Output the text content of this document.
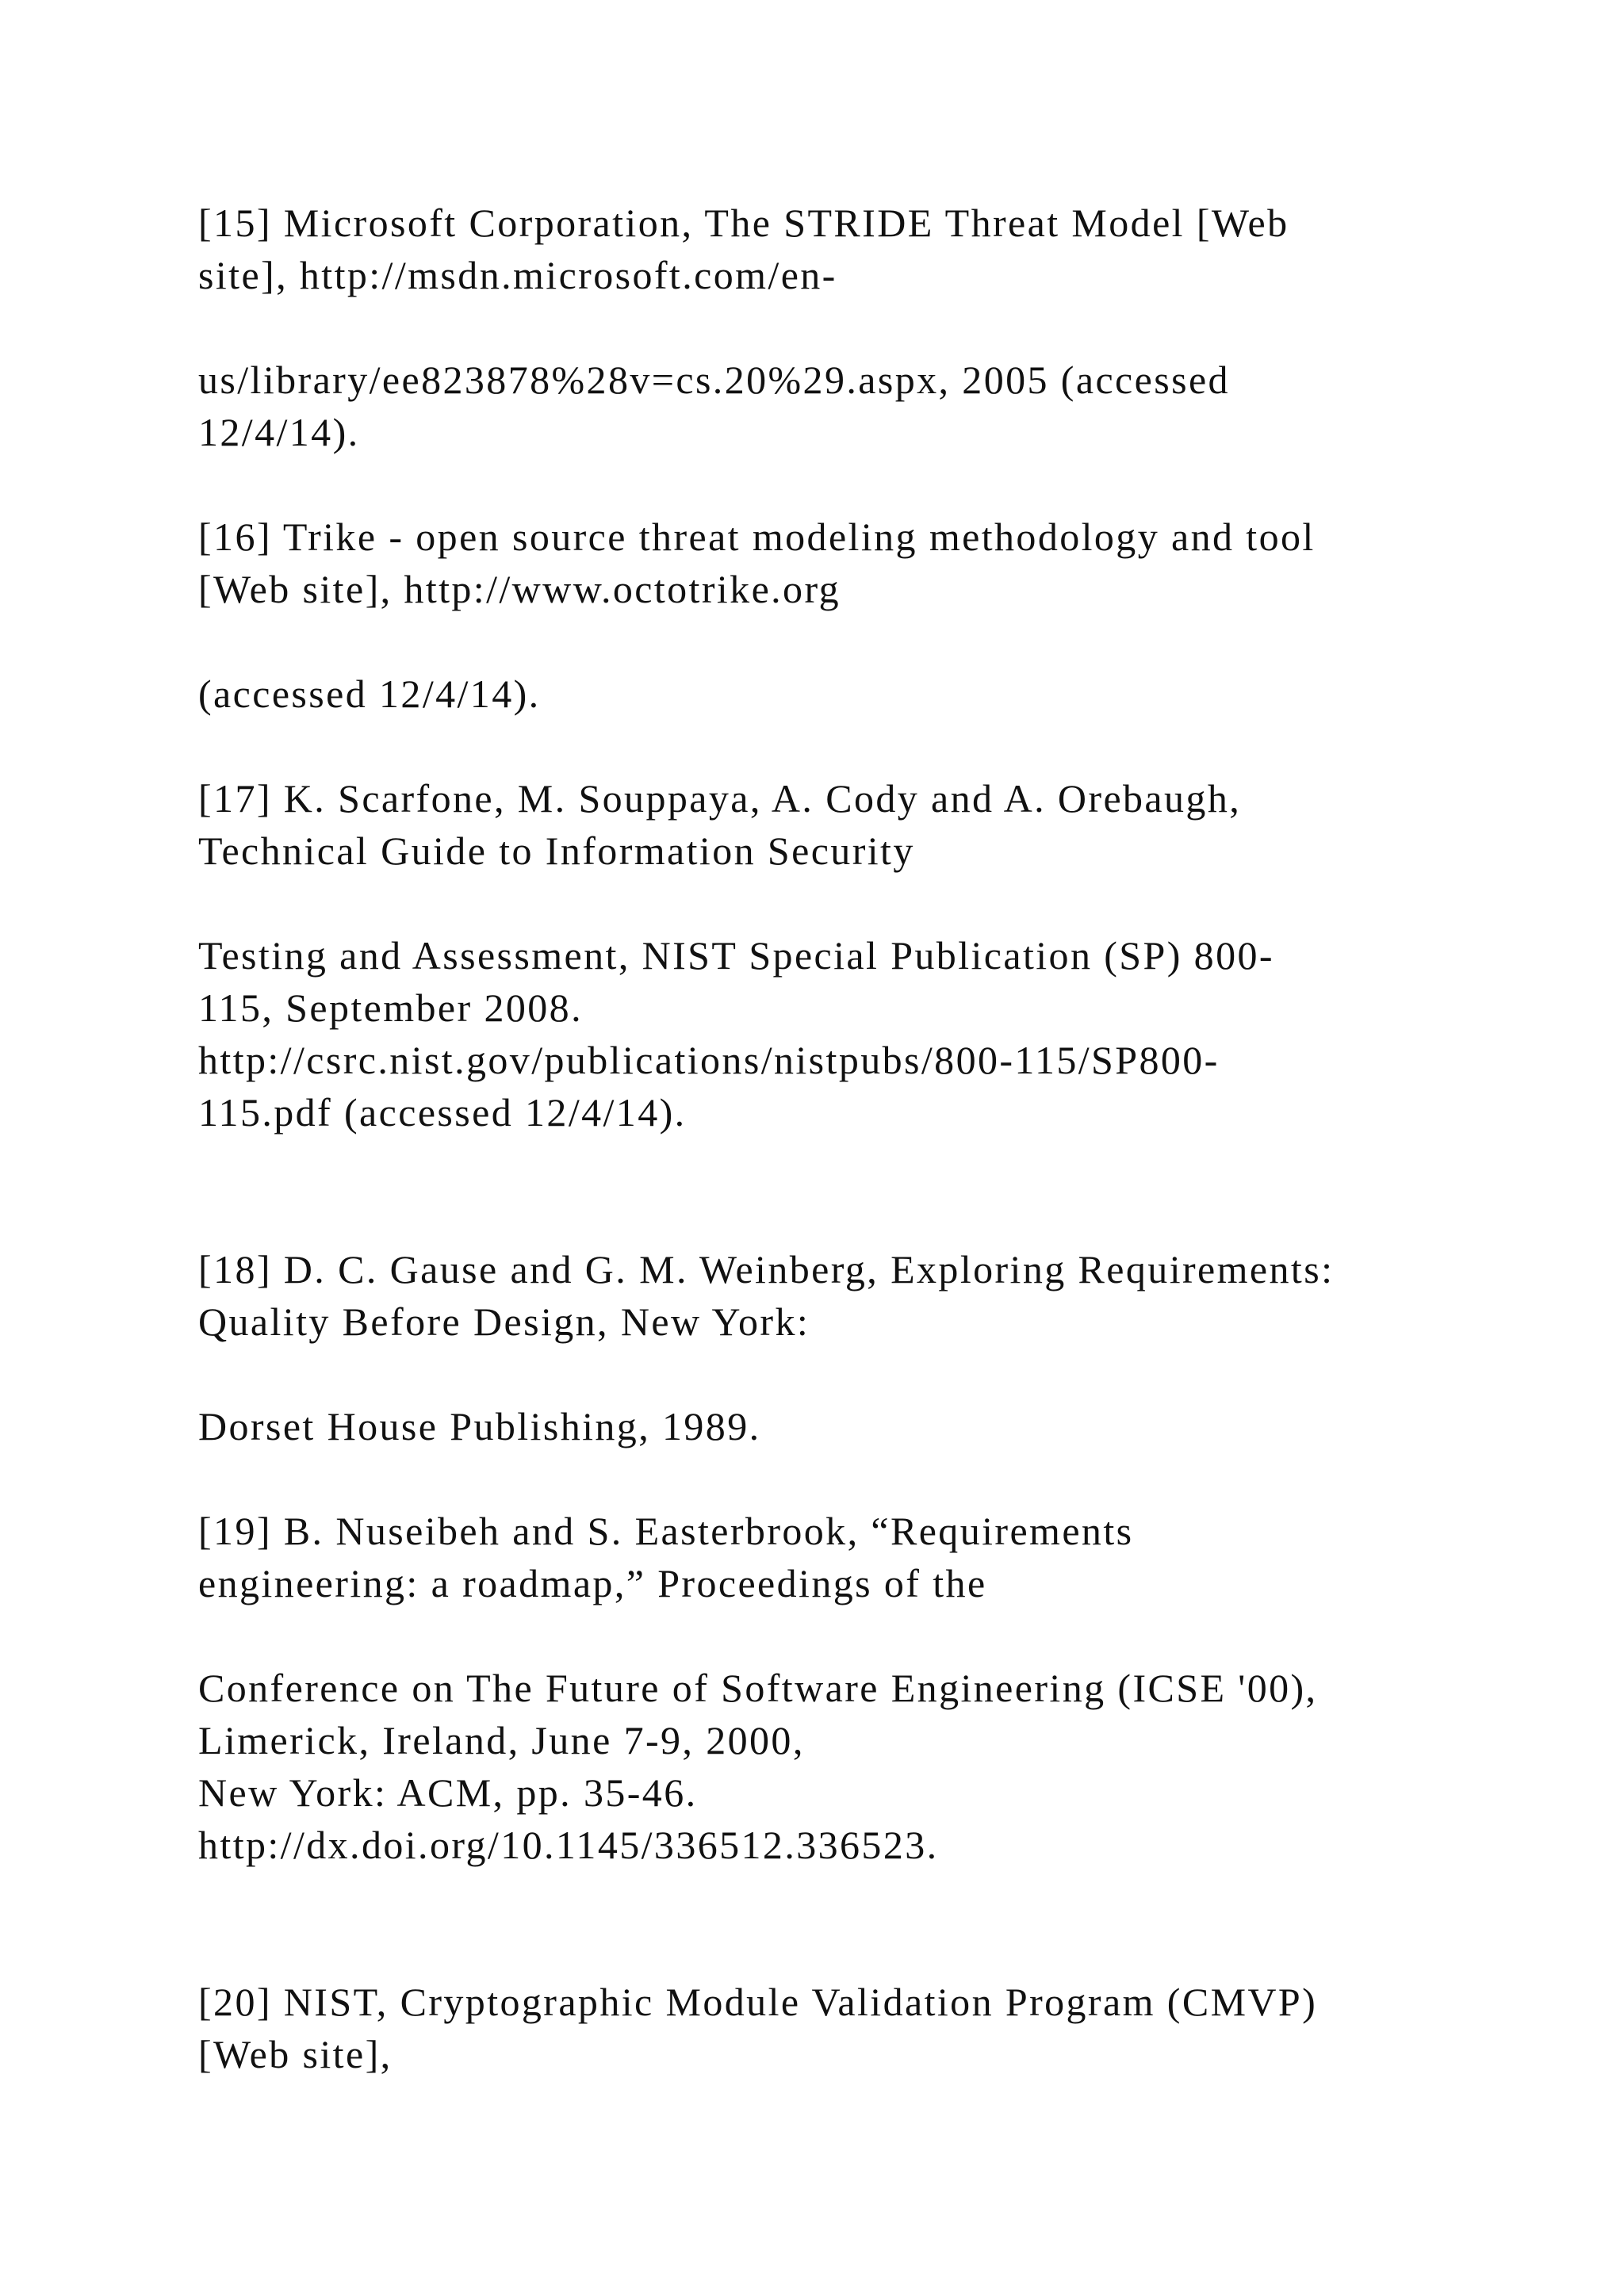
[15] Microsoft Corporation, The STRIDE Threat Model [Web

site], http://msdn.microsoft.com/en-

us/library/ee823878%28v=cs.20%29.aspx, 2005 (accessed

12/4/14).

[16] Trike - open source threat modeling methodology and tool

[Web site], http://www.octotrike.org

(accessed 12/4/14).

[17] K. Scarfone, M. Souppaya, A. Cody and A. Orebaugh,

Technical Guide to Information Security

Testing and Assessment, NIST Special Publication (SP) 800-

115, September 2008.

http://csrc.nist.gov/publications/nistpubs/800-115/SP800-

115.pdf (accessed 12/4/14).

[18] D. C. Gause and G. M. Weinberg, Exploring Requirements:

Quality Before Design, New York:

Dorset House Publishing, 1989.

[19] B. Nuseibeh and S. Easterbrook, “Requirements

engineering: a roadmap,” Proceedings of the

Conference on The Future of Software Engineering (ICSE '00),

Limerick, Ireland, June 7-9, 2000,

New York: ACM, pp. 35-46.

http://dx.doi.org/10.1145/336512.336523.

[20] NIST, Cryptographic Module Validation Program (CMVP)

[Web site],
